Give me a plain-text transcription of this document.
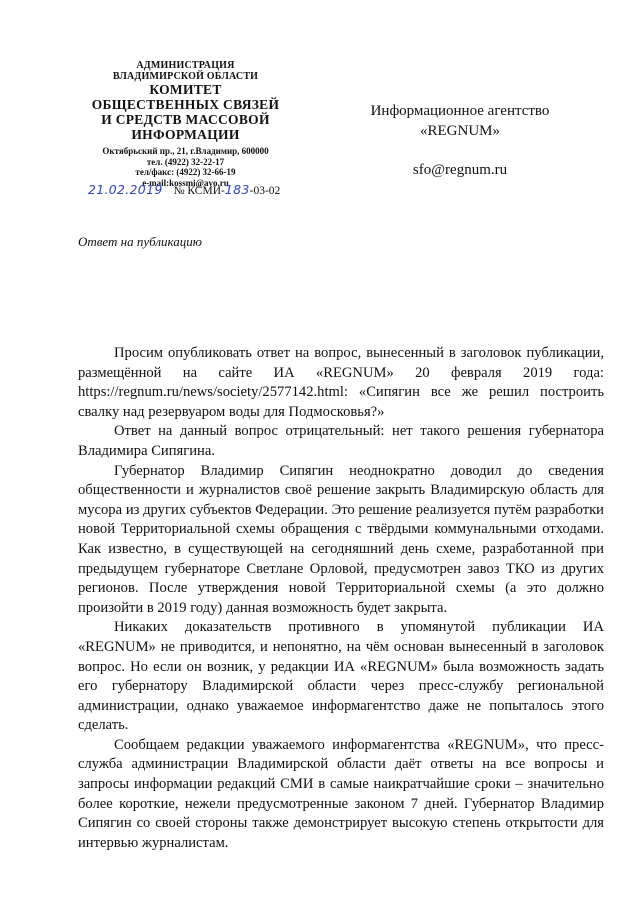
АДМИНИСТРАЦИЯ
ВЛАДИМИРСКОЙ ОБЛАСТИ
КОМИТЕТ
ОБЩЕСТВЕННЫХ СВЯЗЕЙ
И СРЕДСТВ МАССОВОЙ
ИНФОРМАЦИИ
Октябрьский пр., 21, г.Владимир, 600000
тел. (4922) 32-22-17
тел/факс: (4922) 32-66-19
e-mail:kossmi@avo.ru
21.02.2019 № КСМИ-183-03-02
Информационное агентство
«REGNUM»
sfo@regnum.ru
Ответ на публикацию

Просим опубликовать ответ на вопрос, вынесенный в заголовок публикации, размещённой на сайте ИА «REGNUM» 20 февраля 2019 года: https://regnum.ru/news/society/2577142.html: «Сипягин все же решил построить свалку над резервуаром воды для Подмосковья?»

Ответ на данный вопрос отрицательный: нет такого решения губернатора Владимира Сипягина.

Губернатор Владимир Сипягин неоднократно доводил до сведения общественности и журналистов своё решение закрыть Владимирскую область для мусора из других субъектов Федерации. Это решение реализуется путём разработки новой Территориальной схемы обращения с твёрдыми коммунальными отходами. Как известно, в существующей на сегодняшний день схеме, разработанной при предыдущем губернаторе Светлане Орловой, предусмотрен завоз ТКО из других регионов. После утверждения новой Территориальной схемы (а это должно произойти в 2019 году) данная возможность будет закрыта.

Никаких доказательств противного в упомянутой публикации ИА «REGNUM» не приводится, и непонятно, на чём основан вынесенный в заголовок вопрос. Но если он возник, у редакции ИА «REGNUM» была возможность задать его губернатору Владимирской области через пресс-службу региональной администрации, однако уважаемое информагентство даже не попыталось этого сделать.

Сообщаем редакции уважаемого информагентства «REGNUM», что пресс-служба администрации Владимирской области даёт ответы на все вопросы и запросы информации редакций СМИ в самые наикратчайшие сроки – значительно более короткие, нежели предусмотренные законом 7 дней. Губернатор Владимир Сипягин со своей стороны также демонстрирует высокую степень открытости для интервью журналистам.
